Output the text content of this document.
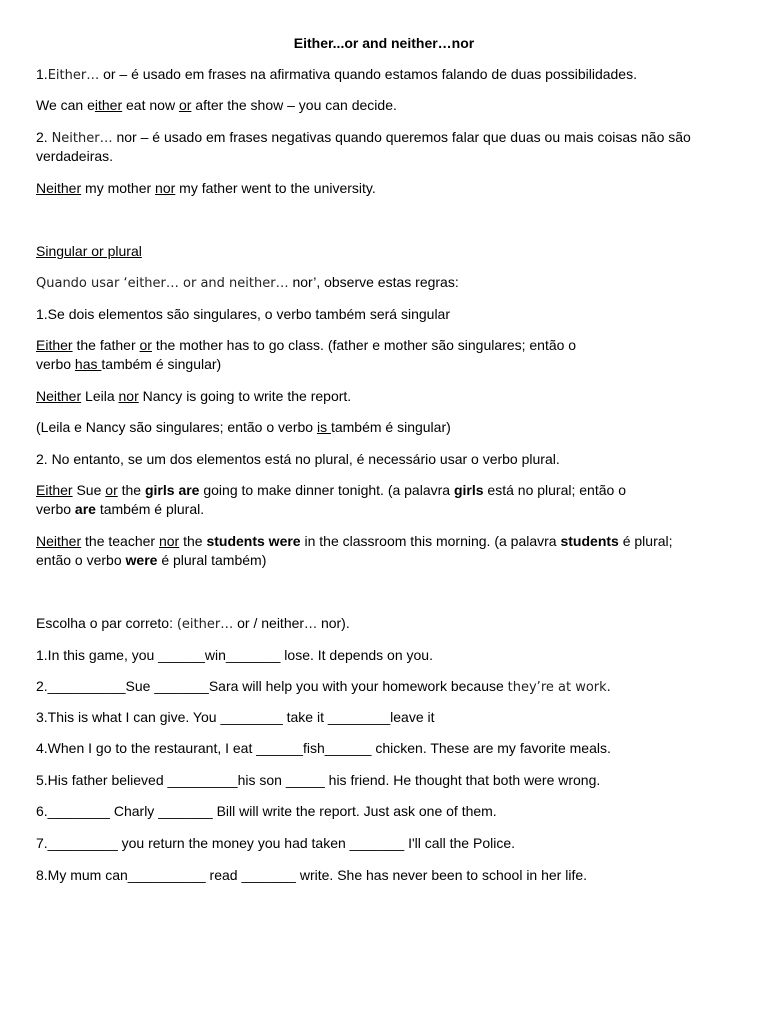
Either...or and neither…nor
1.Either… or – é usado em frases na afirmativa quando estamos falando de duas possibilidades.
We can either eat now or after the show – you can decide.
2. Neither… nor – é usado em frases negativas quando queremos falar que duas ou mais coisas não são
verdadeiras.
Neither my mother nor my father went to the university.
Singular or plural
Quando usar ‘either… or and neither… nor’, observe estas regras:
1.Se dois elementos são singulares, o verbo também será singular
Either the father or the mother has to go class. (father e mother são singulares; então o
verbo has também é singular)
Neither Leila nor Nancy is going to write the report.
(Leila e Nancy são singulares; então o verbo is também é singular)
2. No entanto, se um dos elementos está no plural, é necessário usar o verbo plural.
Either Sue or the girls are going to make dinner tonight. (a palavra girls está no plural; então o
verbo are também é plural.
Neither the teacher nor the students were in the classroom this morning. (a palavra students é plural;
então o verbo were é plural também)
Escolha o par correto: (either… or / neither… nor).
1.In this game, you ______win_______ lose. It depends on you.
2.__________Sue _______Sara will help you with your homework because they’re at work.
3.This is what I can give. You ________ take it ________leave it
4.When I go to the restaurant, I eat ______fish______ chicken. These are my favorite meals.
5.His father believed _________his son _____ his friend. He thought that both were wrong.
6.________ Charly _______ Bill will write the report. Just ask one of them.
7._________ you return the money you had taken _______ I'll call the Police.
8.My mum can__________ read _______ write. She has never been to school in her life.
